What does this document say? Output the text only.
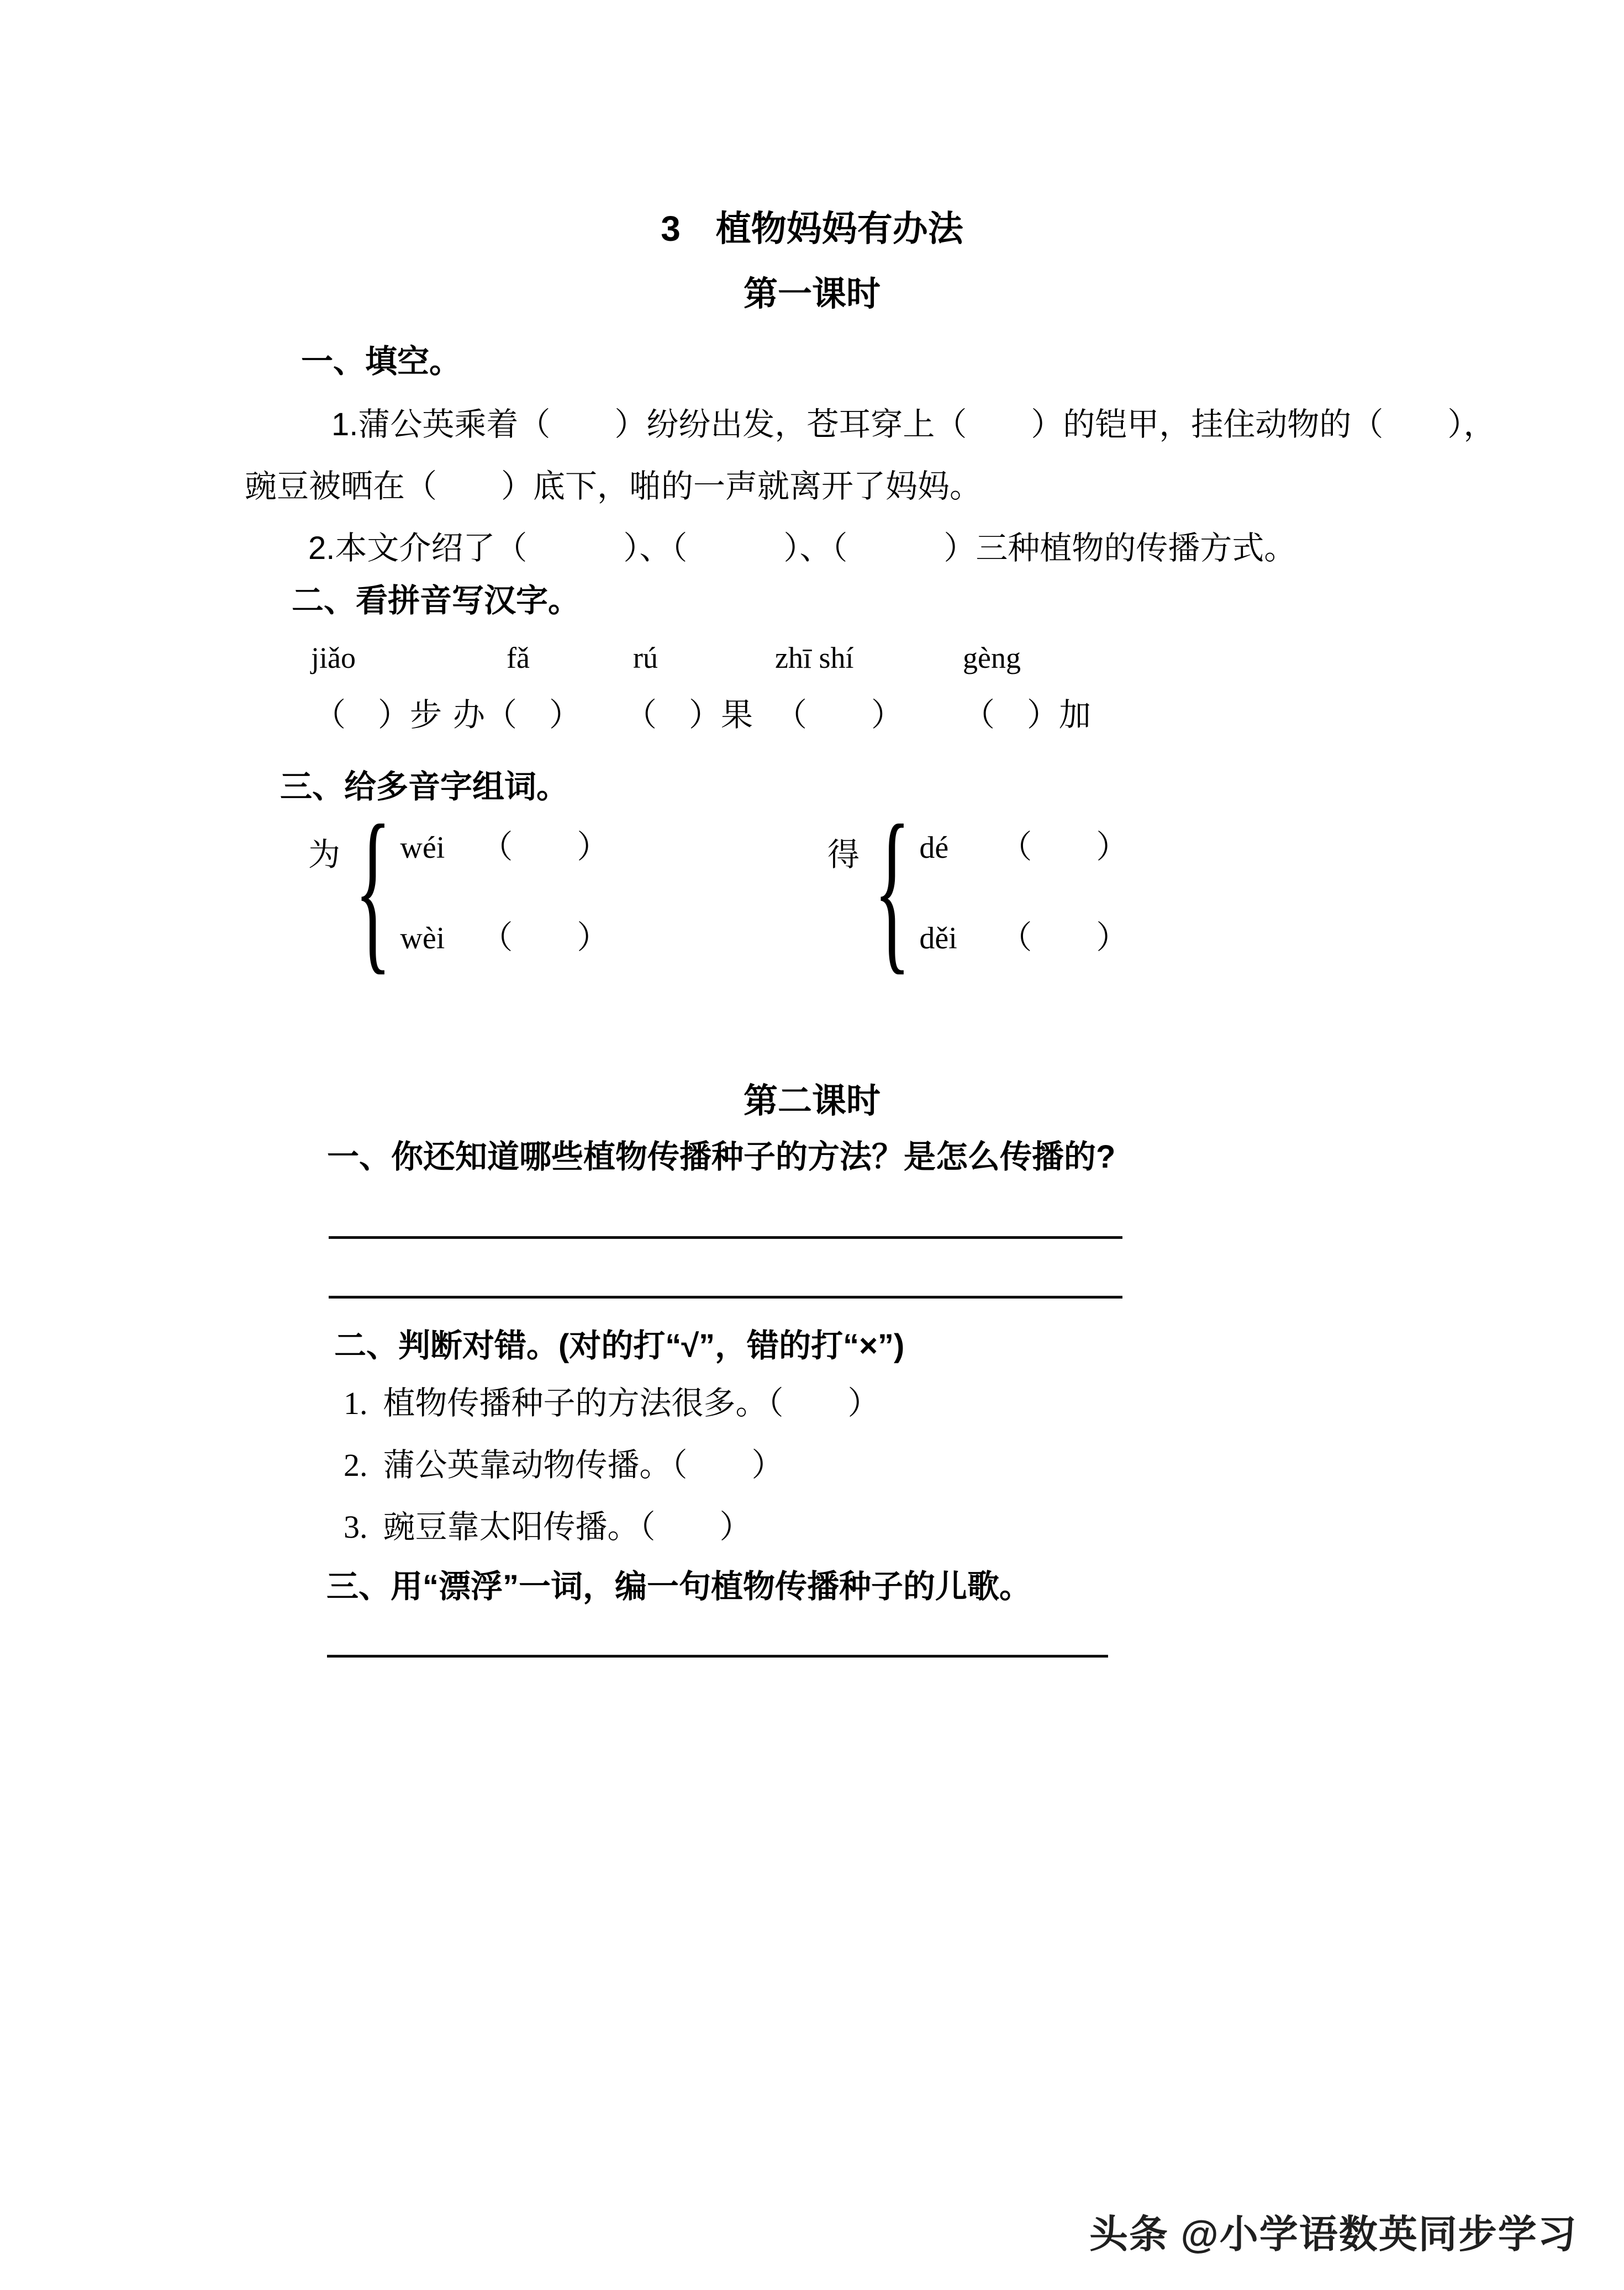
3　植物妈妈有办法
第一课时
一、填空。
1.蒲公英乘着（　　）纷纷出发，苍耳穿上（　　）的铠甲，挂住动物的（　　），
豌豆被晒在（　　）底下，啪的一声就离开了妈妈。
2.本文介绍了（　　　）、（　　　）、（　　　）三种植物的传播方式。
二、看拼音写汉字。
jiǎo	fǎ	rú	zhī shí	gèng
（　）步 办（　） （　）果 （　　） （　）加
三、给多音字组词。
为 { wéi （　　）
wèi （　　）
得 { dé （　　）
děi （　　）
第二课时
一、你还知道哪些植物传播种子的方法？是怎么传播的?
二、判断对错。(对的打“√”，错的打“×”)
1. 植物传播种子的方法很多。（　　）
2. 蒲公英靠动物传播。（　　）
3. 豌豆靠太阳传播。（　　）
三、用“漂浮”一词，编一句植物传播种子的儿歌。
头条 @小学语数英同步学习
